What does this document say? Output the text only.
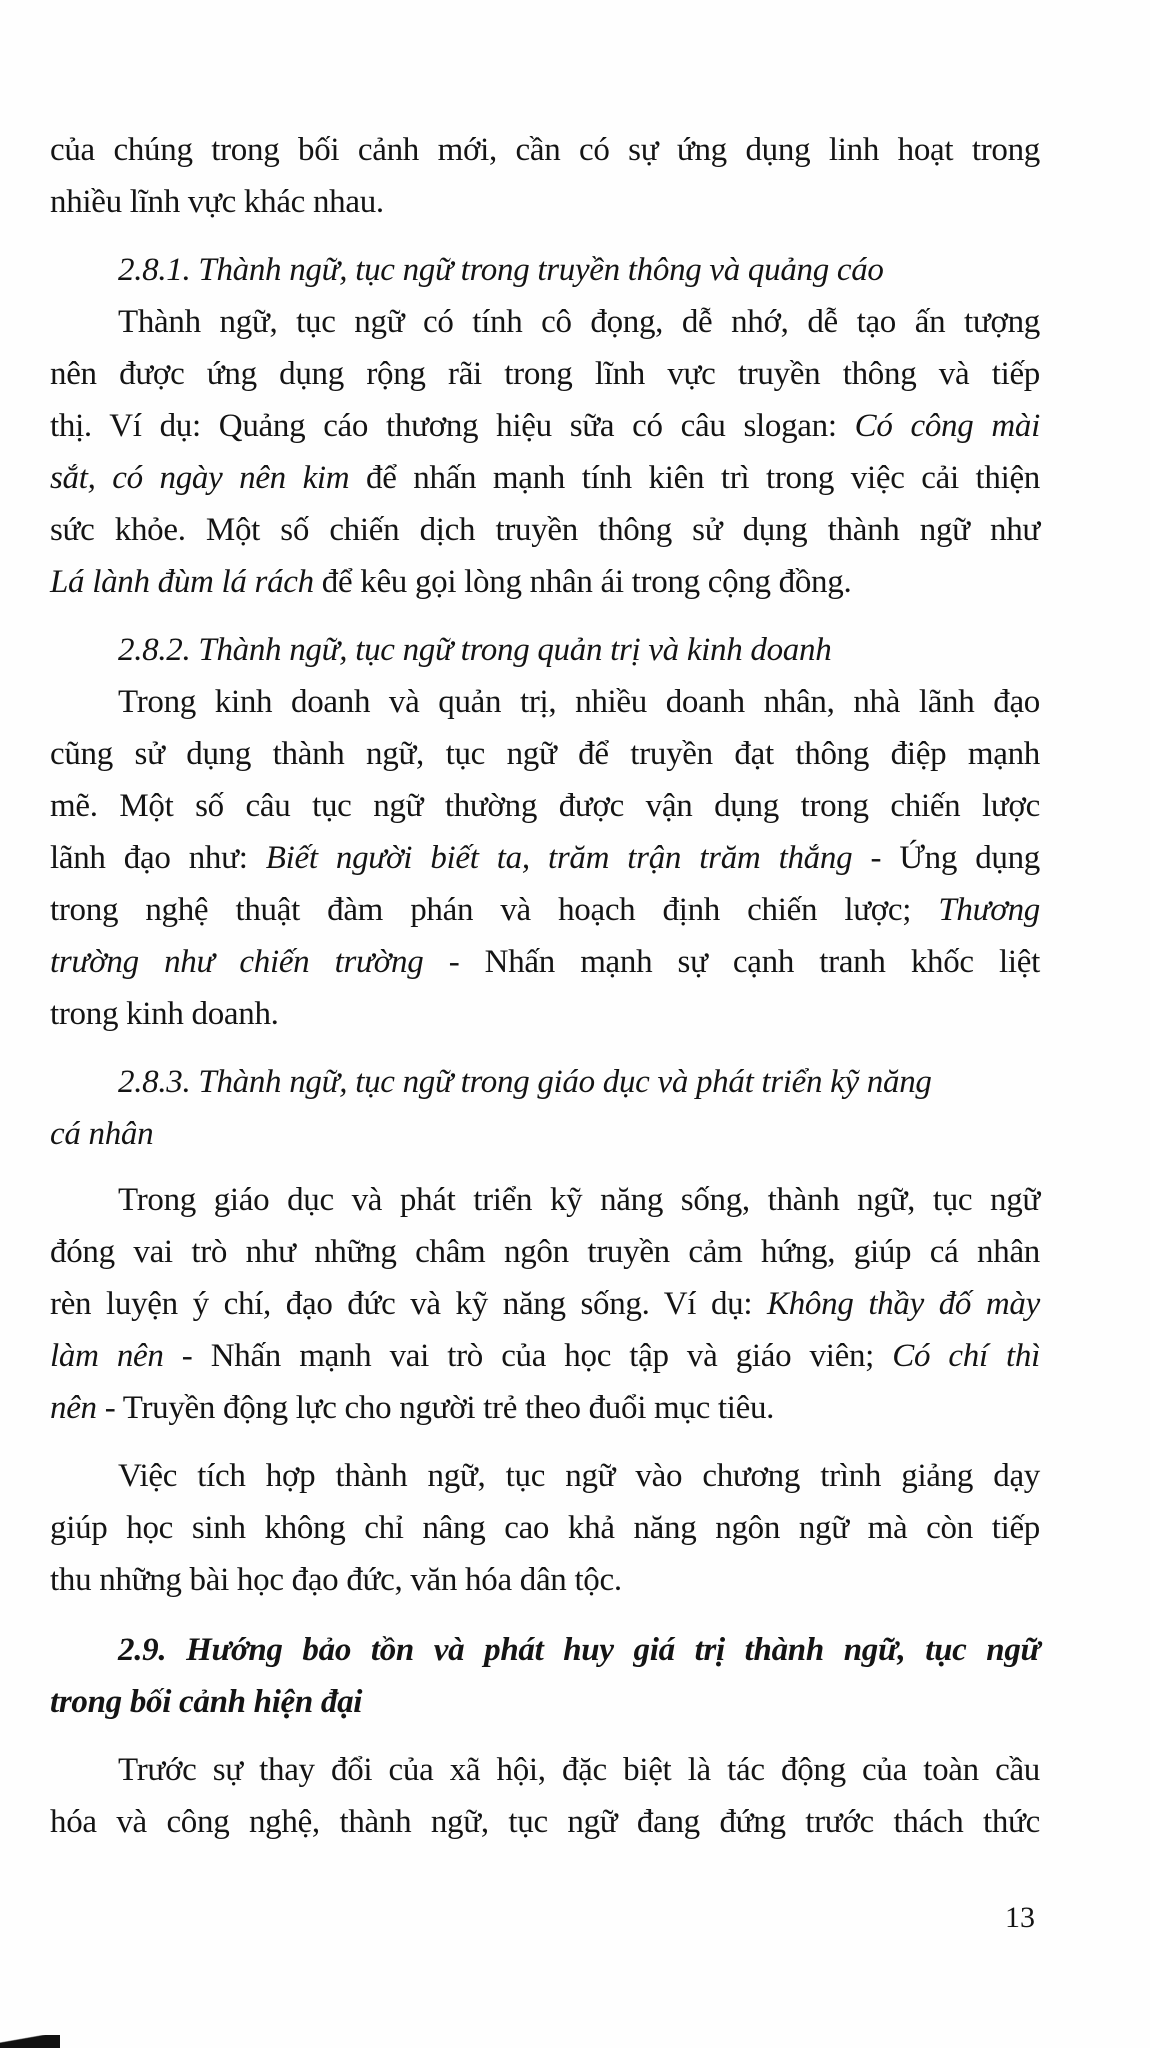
của chúng trong bối cảnh mới, cần có sự ứng dụng linh hoạt trong
nhiều lĩnh vực khác nhau.
2.8.1. Thành ngữ, tục ngữ trong truyền thông và quảng cáo
Thành ngữ, tục ngữ có tính cô đọng, dễ nhớ, dễ tạo ấn tượng
nên được ứng dụng rộng rãi trong lĩnh vực truyền thông và tiếp
thị. Ví dụ: Quảng cáo thương hiệu sữa có câu slogan: Có công mài
sắt, có ngày nên kim để nhấn mạnh tính kiên trì trong việc cải thiện
sức khỏe. Một số chiến dịch truyền thông sử dụng thành ngữ như
Lá lành đùm lá rách để kêu gọi lòng nhân ái trong cộng đồng.
2.8.2. Thành ngữ, tục ngữ trong quản trị và kinh doanh
Trong kinh doanh và quản trị, nhiều doanh nhân, nhà lãnh đạo
cũng sử dụng thành ngữ, tục ngữ để truyền đạt thông điệp mạnh
mẽ. Một số câu tục ngữ thường được vận dụng trong chiến lược
lãnh đạo như: Biết người biết ta, trăm trận trăm thắng - Ứng dụng
trong nghệ thuật đàm phán và hoạch định chiến lược; Thương
trường như chiến trường - Nhấn mạnh sự cạnh tranh khốc liệt
trong kinh doanh.
2.8.3. Thành ngữ, tục ngữ trong giáo dục và phát triển kỹ năng
cá nhân
Trong giáo dục và phát triển kỹ năng sống, thành ngữ, tục ngữ
đóng vai trò như những châm ngôn truyền cảm hứng, giúp cá nhân
rèn luyện ý chí, đạo đức và kỹ năng sống. Ví dụ: Không thầy đố mày
làm nên - Nhấn mạnh vai trò của học tập và giáo viên; Có chí thì
nên - Truyền động lực cho người trẻ theo đuổi mục tiêu.
Việc tích hợp thành ngữ, tục ngữ vào chương trình giảng dạy
giúp học sinh không chỉ nâng cao khả năng ngôn ngữ mà còn tiếp
thu những bài học đạo đức, văn hóa dân tộc.
2.9. Hướng bảo tồn và phát huy giá trị thành ngữ, tục ngữ
trong bối cảnh hiện đại
Trước sự thay đổi của xã hội, đặc biệt là tác động của toàn cầu
hóa và công nghệ, thành ngữ, tục ngữ đang đứng trước thách thức
13
